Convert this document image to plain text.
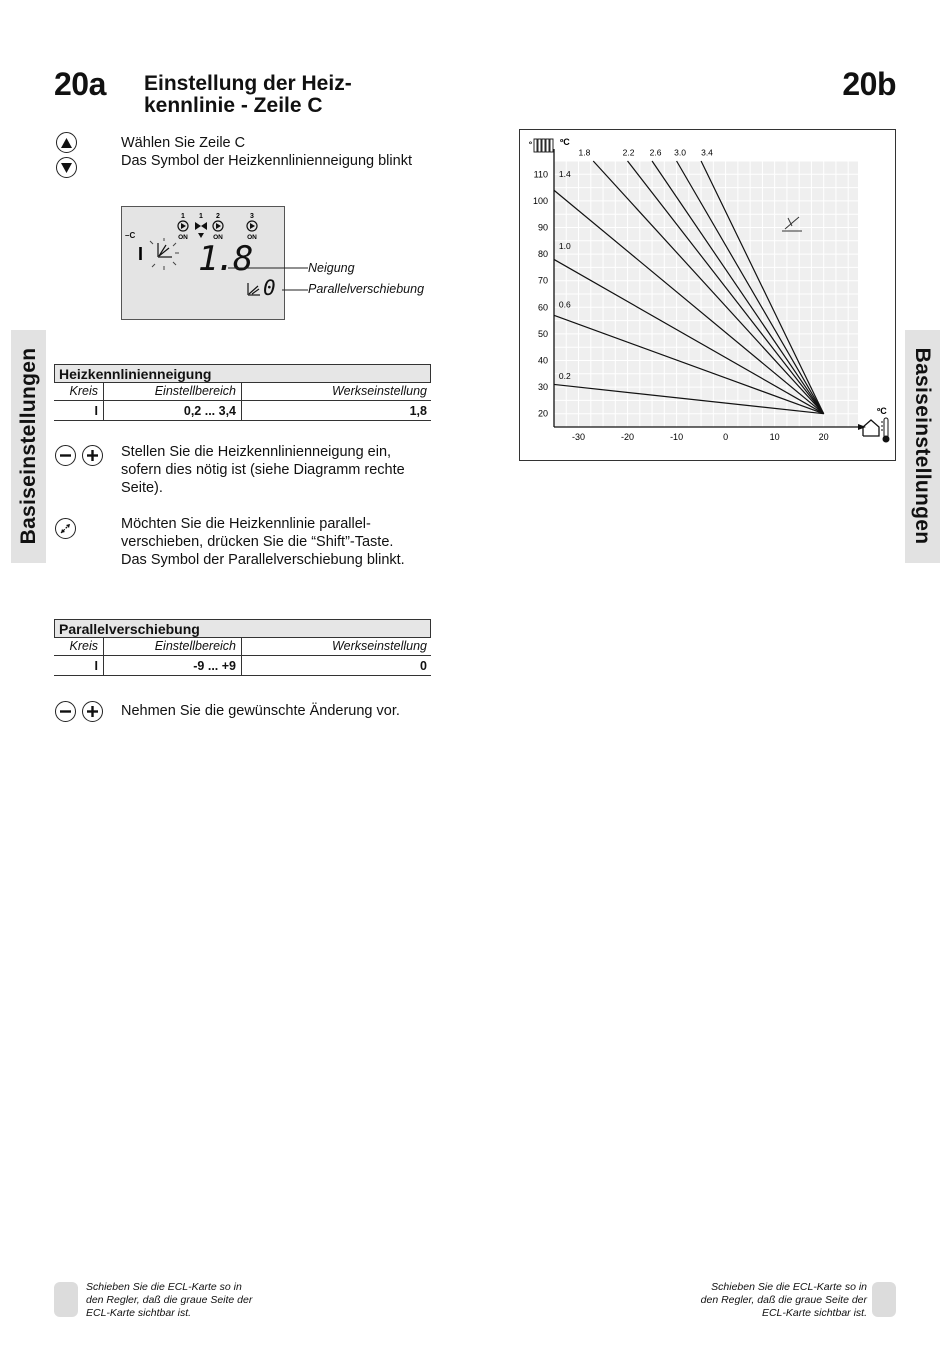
20a	20b
Einstellung der Heiz-
kennlinie - Zeile C
Basiseinstellungen	Basiseinstellungen
Wählen Sie Zeile C
Das Symbol der Heizkennlinienneigung blinkt
–C
1
ON
1 2
ON
3
ON
I 1.8
0
Neigung
Parallelverschiebung
Heizkennlinienneigung
Kreis	Einstellbereich	Werkseinstellung
I	0,2 ... 3,4	1,8
Stellen Sie die Heizkennlinienneigung ein,
sofern dies nötig ist (siehe Diagramm rechte
Seite).
Möchten Sie die Heizkennlinie parallel-
verschieben, drücken Sie die “Shift”-Taste.
Das Symbol der Parallelverschiebung blinkt.
Parallelverschiebung
Kreis	Einstellbereich	Werkseinstellung
I	-9 ... +9	0
Nehmen Sie die gewünschte Änderung vor.
20
30
40
50
60
70
80
90
100
110
-30	-20	-10	0	10	20
0.2
0.6
1.0
1.4
1.8	2.2 2.6 3.0 3.4
º	ºC
ºC
Schieben Sie die ECL-Karte so in
den Regler, daß die graue Seite der
ECL-Karte sichtbar ist.
Schieben Sie die ECL-Karte so in
den Regler, daß die graue Seite der
ECL-Karte sichtbar ist.
